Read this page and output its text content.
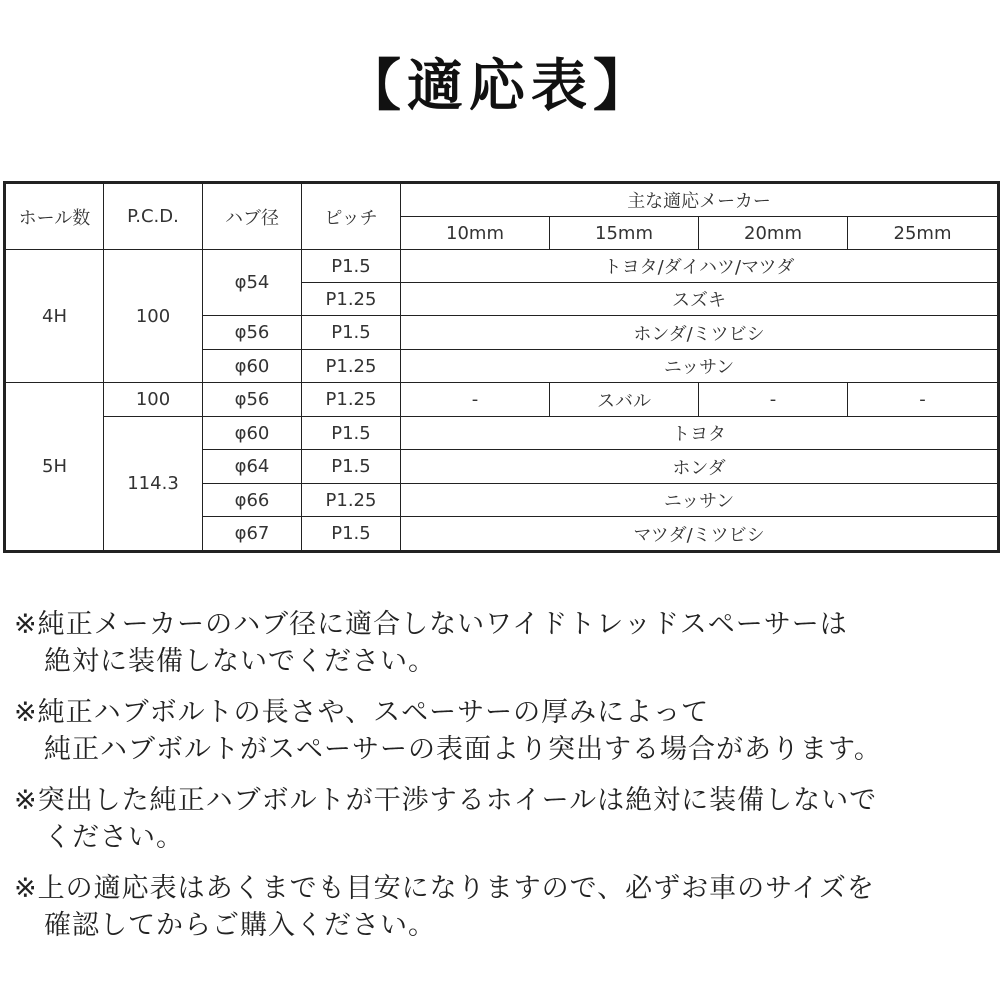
【適応表】
ホール数	P.C.D.	ハブ径	ピッチ	主な適応メーカー			
				10mm	15mm	20mm	25mm
4H	100	φ54	P1.5	トヨタ/ダイハツ/マツダ			
			P1.25	スズキ			
		φ56	P1.5	ホンダ/ミツビシ			
		φ60	P1.25	ニッサン			
5H	100	φ56	P1.25	-	スバル	-	-
	114.3	φ60	P1.5	トヨタ			
		φ64	P1.5	ホンダ			
		φ66	P1.25	ニッサン			
		φ67	P1.5	マツダ/ミツビシ			
※純正メーカーのハブ径に適合しないワイドトレッドスペーサーは
絶対に装備しないでください。
※純正ハブボルトの長さや、スペーサーの厚みによって
純正ハブボルトがスペーサーの表面より突出する場合があります。
※突出した純正ハブボルトが干渉するホイールは絶対に装備しないで
ください。
※上の適応表はあくまでも目安になりますので、必ずお車のサイズを
確認してからご購入ください。
